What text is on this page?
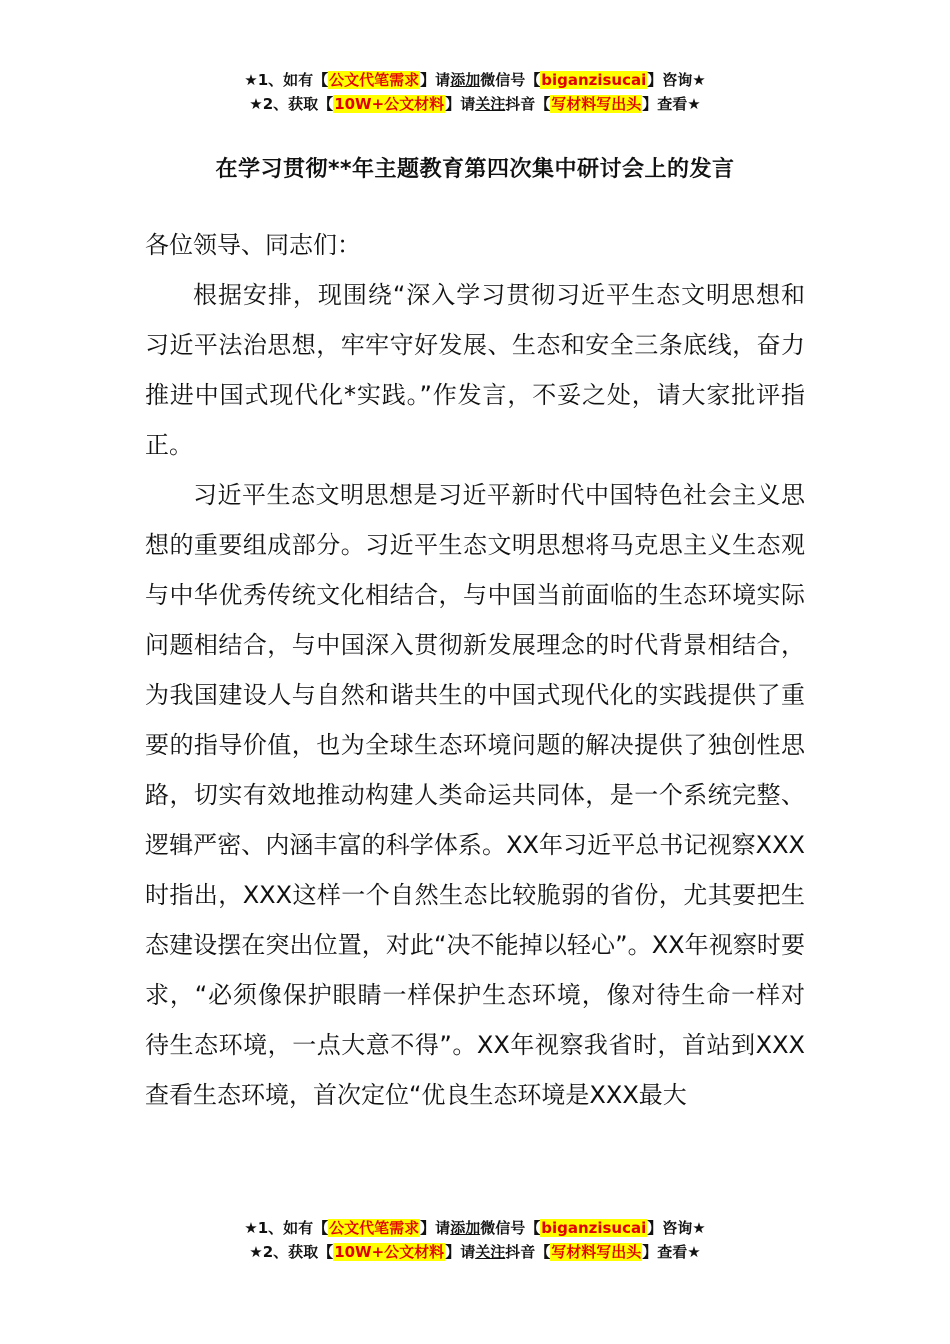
★1、如有【公文代笔需求】请添加微信号【biganzisucai】咨询★
★2、获取【10W+公文材料】请关注抖音【写材料写出头】查看★
在学习贯彻**年主题教育第四次集中研讨会上的发言

各位领导、同志们：

根据安排，现围绕“深入学习贯彻习近平生态文明思想和习近平法治思想，牢牢守好发展、生态和安全三条底线，奋力推进中国式现代化*实践。”作发言，不妥之处，请大家批评指正。

习近平生态文明思想是习近平新时代中国特色社会主义思想的重要组成部分。习近平生态文明思想将马克思主义生态观与中华优秀传统文化相结合，与中国当前面临的生态环境实际问题相结合，与中国深入贯彻新发展理念的时代背景相结合，为我国建设人与自然和谐共生的中国式现代化的实践提供了重要的指导价值，也为全球生态环境问题的解决提供了独创性思路，切实有效地推动构建人类命运共同体，是一个系统完整、逻辑严密、内涵丰富的科学体系。XX年习近平总书记视察XXX时指出，XXX这样一个自然生态比较脆弱的省份，尤其要把生态建设摆在突出位置，对此“决不能掉以轻心”。XX年视察时要求，“必须像保护眼睛一样保护生态环境，像对待生命一样对待生态环境，一点大意不得”。XX年视察我省时，首站到XXX查看生态环境，首次定位“优良生态环境是XXX最大

★1、如有【公文代笔需求】请添加微信号【biganzisucai】咨询★
★2、获取【10W+公文材料】请关注抖音【写材料写出头】查看★
